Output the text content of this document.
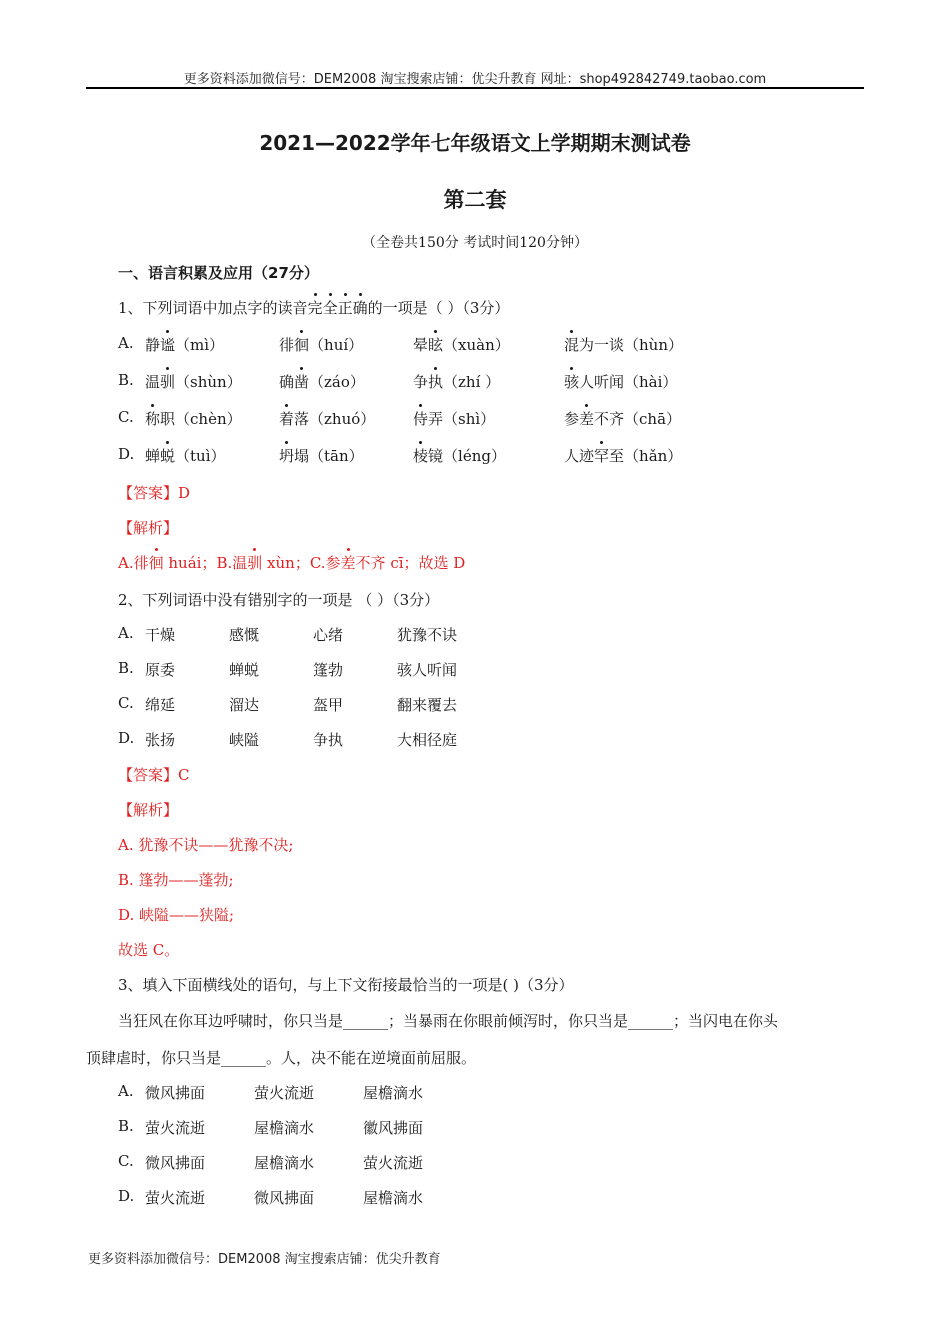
更多资料添加微信号：DEM2008 淘宝搜索店铺：优尖升教育 网址：shop492842749.taobao.com
2021—2022学年七年级语文上学期期末测试卷
第二套
（全卷共150分 考试时间120分钟）
一、语言积累及应用（27分）
1、下列词语中加点字的读音完全正确的一项是（ ）（3分）
A. 静谧（mì）	徘徊（huí）	晕眩（xuàn）	混为一谈（hùn）
B. 温驯（shùn） 确凿（záo）	争执（zhí ）	骇人听闻（hài）
C. 称职（chèn） 着落（zhuó）	侍弄（shì）	参差不齐（chā）
D. 蝉蜕（tuì）	坍塌（tān）	棱镜（léng）	人迹罕至（hǎn）
【答案】D
【解析】
A.徘徊 huái；B.温驯 xùn；C.参差不齐 cī；故选 D
2、下列词语中没有错别字的一项是 （ ）（3分）
A. 干燥	感慨	心绪	犹豫不诀
B. 原委	蝉蜕	篷勃	骇人听闻
C. 绵延	溜达	盔甲	翻来覆去
D. 张扬	峡隘	争执	大相径庭
【答案】C
【解析】
A. 犹豫不诀——犹豫不决;
B. 篷勃——蓬勃;
D. 峡隘——狭隘;
故选 C。
3、填入下面横线处的语句，与上下文衔接最恰当的一项是( )（3分）
当狂风在你耳边呼啸时，你只当是______；当暴雨在你眼前倾泻时，你只当是______；当闪电在你头
顶肆虐时，你只当是______。人，决不能在逆境面前屈服。
A. 微风拂面	萤火流逝	屋檐滴水
B. 萤火流逝	屋檐滴水	徽风拂面
C. 微风拂面	屋檐滴水	萤火流逝
D. 萤火流逝	微风拂面	屋檐滴水
更多资料添加微信号：DEM2008 淘宝搜索店铺：优尖升教育
